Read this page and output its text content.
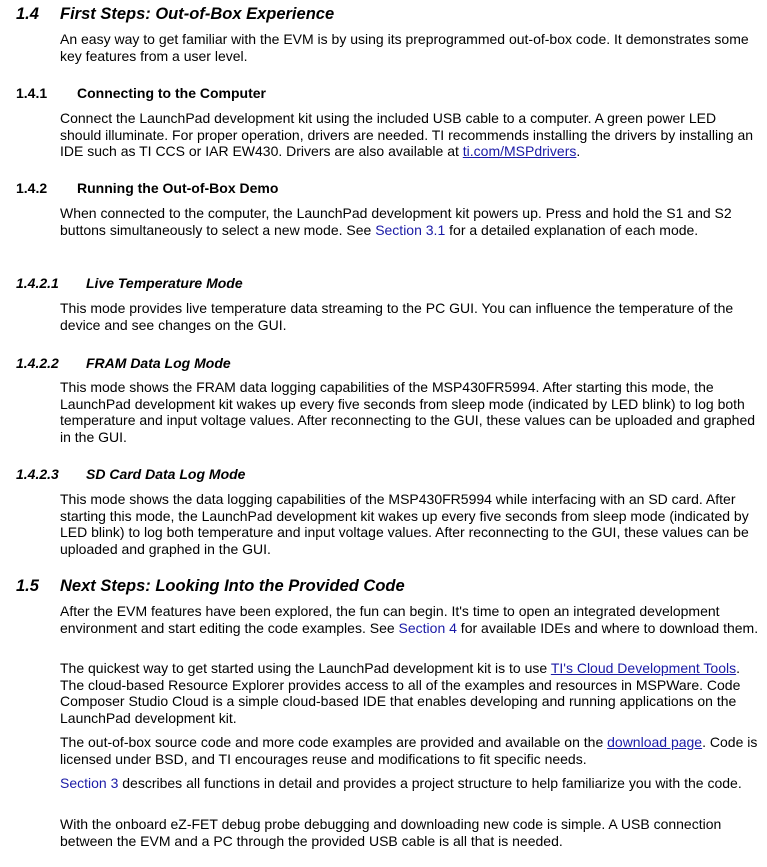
1.4 First Steps: Out-of-Box Experience

An easy way to get familiar with the EVM is by using its preprogrammed out-of-box code. It demonstrates some key features from a user level.

1.4.1 Connecting to the Computer

Connect the LaunchPad development kit using the included USB cable to a computer. A green power LED should illuminate. For proper operation, drivers are needed. TI recommends installing the drivers by installing an IDE such as TI CCS or IAR EW430. Drivers are also available at ti.com/MSPdrivers.

1.4.2 Running the Out-of-Box Demo

When connected to the computer, the LaunchPad development kit powers up. Press and hold the S1 and S2 buttons simultaneously to select a new mode. See Section 3.1 for a detailed explanation of each mode.

1.4.2.1 Live Temperature Mode

This mode provides live temperature data streaming to the PC GUI. You can influence the temperature of the device and see changes on the GUI.

1.4.2.2 FRAM Data Log Mode

This mode shows the FRAM data logging capabilities of the MSP430FR5994. After starting this mode, the LaunchPad development kit wakes up every five seconds from sleep mode (indicated by LED blink) to log both temperature and input voltage values. After reconnecting to the GUI, these values can be uploaded and graphed in the GUI.

1.4.2.3 SD Card Data Log Mode

This mode shows the data logging capabilities of the MSP430FR5994 while interfacing with an SD card. After starting this mode, the LaunchPad development kit wakes up every five seconds from sleep mode (indicated by LED blink) to log both temperature and input voltage values. After reconnecting to the GUI, these values can be uploaded and graphed in the GUI.

1.5 Next Steps: Looking Into the Provided Code

After the EVM features have been explored, the fun can begin. It's time to open an integrated development environment and start editing the code examples. See Section 4 for available IDEs and where to download them.

The quickest way to get started using the LaunchPad development kit is to use TI's Cloud Development Tools. The cloud-based Resource Explorer provides access to all of the examples and resources in MSPWare. Code Composer Studio Cloud is a simple cloud-based IDE that enables developing and running applications on the LaunchPad development kit.

The out-of-box source code and more code examples are provided and available on the download page. Code is licensed under BSD, and TI encourages reuse and modifications to fit specific needs.

Section 3 describes all functions in detail and provides a project structure to help familiarize you with the code.

With the onboard eZ-FET debug probe debugging and downloading new code is simple. A USB connection between the EVM and a PC through the provided USB cable is all that is needed.
